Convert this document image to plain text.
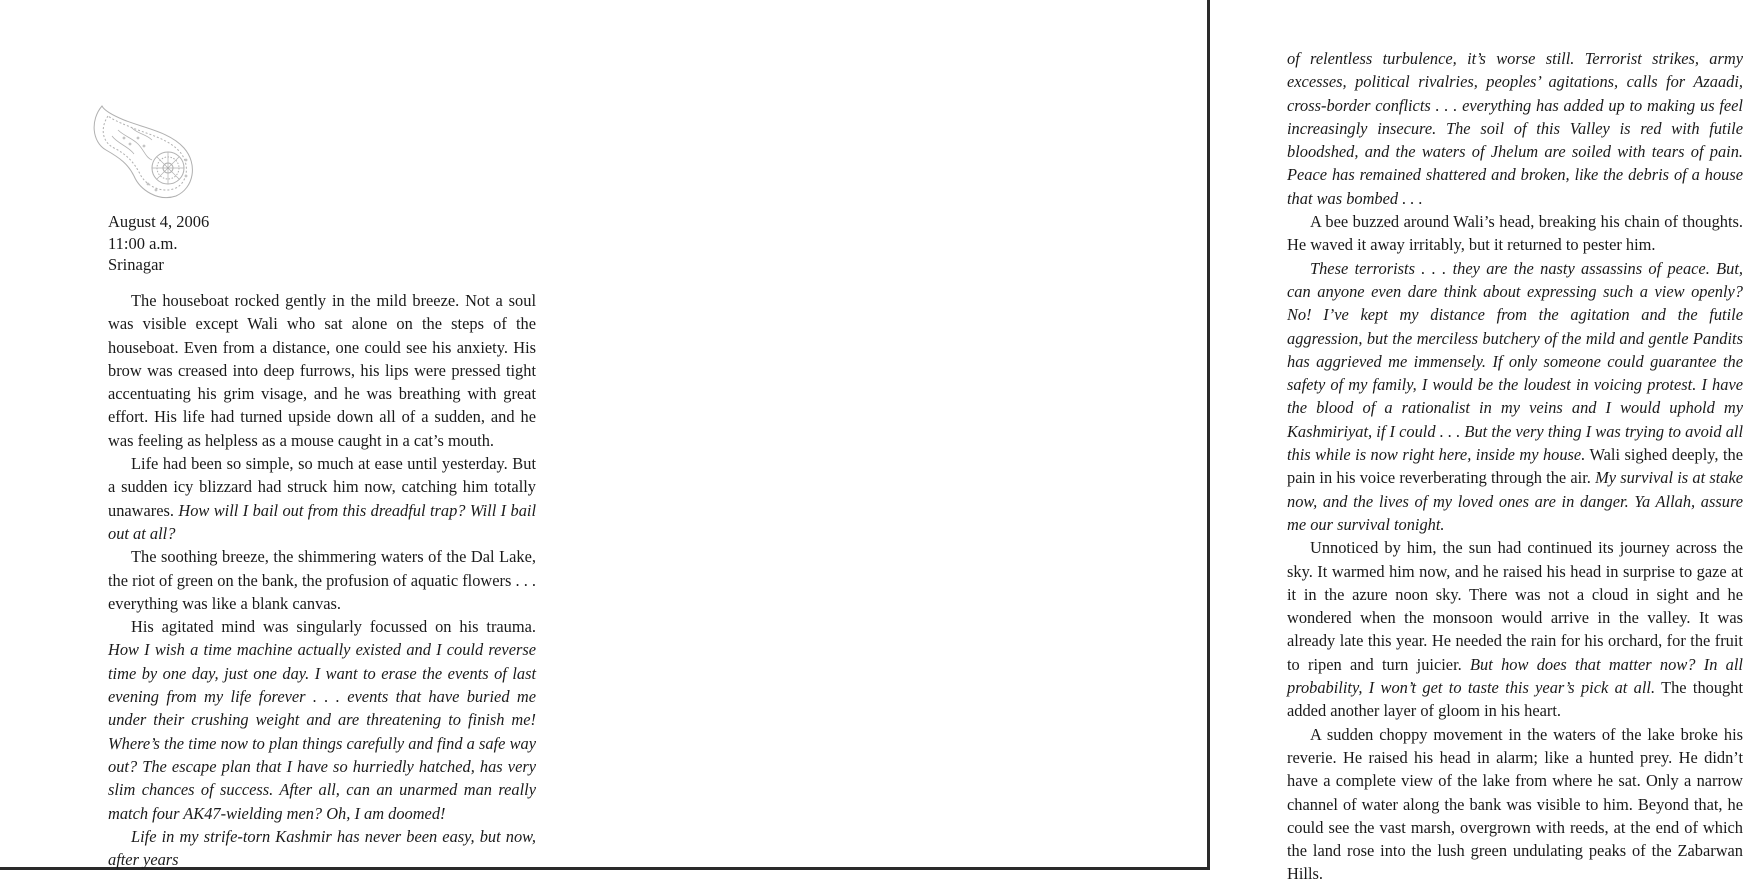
August 4, 2006
11:00 a.m.
Srinagar

The houseboat rocked gently in the mild breeze. Not a soul was visible except Wali who sat alone on the steps of the houseboat. Even from a distance, one could see his anxiety. His brow was creased into deep furrows, his lips were pressed tight accentuating his grim visage, and he was breathing with great effort. His life had turned upside down all of a sudden, and he was feeling as helpless as a mouse caught in a cat’s mouth.

Life had been so simple, so much at ease until yesterday. But a sudden icy blizzard had struck him now, catching him totally unawares. How will I bail out from this dreadful trap? Will I bail out at all?

The soothing breeze, the shimmering waters of the Dal Lake, the riot of green on the bank, the profusion of aquatic flowers . . . everything was like a blank canvas.

His agitated mind was singularly focussed on his trauma. How I wish a time machine actually existed and I could reverse time by one day, just one day. I want to erase the events of last evening from my life forever . . . events that have buried me under their crushing weight and are threatening to finish me! Where’s the time now to plan things carefully and find a safe way out? The escape plan that I have so hurriedly hatched, has very slim chances of success. After all, can an unarmed man really match four AK47-wielding men? Oh, I am doomed!

Life in my strife-torn Kashmir has never been easy, but now, after years

of relentless turbulence, it’s worse still. Terrorist strikes, army excesses, political rivalries, peoples’ agitations, calls for Azaadi, cross-border conflicts . . . everything has added up to making us feel increasingly insecure. The soil of this Valley is red with futile bloodshed, and the waters of Jhelum are soiled with tears of pain. Peace has remained shattered and broken, like the debris of a house that was bombed . . .

A bee buzzed around Wali’s head, breaking his chain of thoughts. He waved it away irritably, but it returned to pester him.

These terrorists . . . they are the nasty assassins of peace. But, can anyone even dare think about expressing such a view openly? No! I’ve kept my distance from the agitation and the futile aggression, but the merciless butchery of the mild and gentle Pandits has aggrieved me immensely. If only someone could guarantee the safety of my family, I would be the loudest in voicing protest. I have the blood of a rationalist in my veins and I would uphold my Kashmiriyat, if I could . . . But the very thing I was trying to avoid all this while is now right here, inside my house. Wali sighed deeply, the pain in his voice reverberating through the air. My survival is at stake now, and the lives of my loved ones are in danger. Ya Allah, assure me our survival tonight.

Unnoticed by him, the sun had continued its journey across the sky. It warmed him now, and he raised his head in surprise to gaze at it in the azure noon sky. There was not a cloud in sight and he wondered when the monsoon would arrive in the valley. It was already late this year. He needed the rain for his orchard, for the fruit to ripen and turn juicier. But how does that matter now? In all probability, I won’t get to taste this year’s pick at all. The thought added another layer of gloom in his heart.

A sudden choppy movement in the waters of the lake broke his reverie. He raised his head in alarm; like a hunted prey. He didn’t have a complete view of the lake from where he sat. Only a narrow channel of water along the bank was visible to him. Beyond that, he could see the vast marsh, overgrown with reeds, at the end of which the land rose into the lush green undulating peaks of the Zabarwan Hills.
